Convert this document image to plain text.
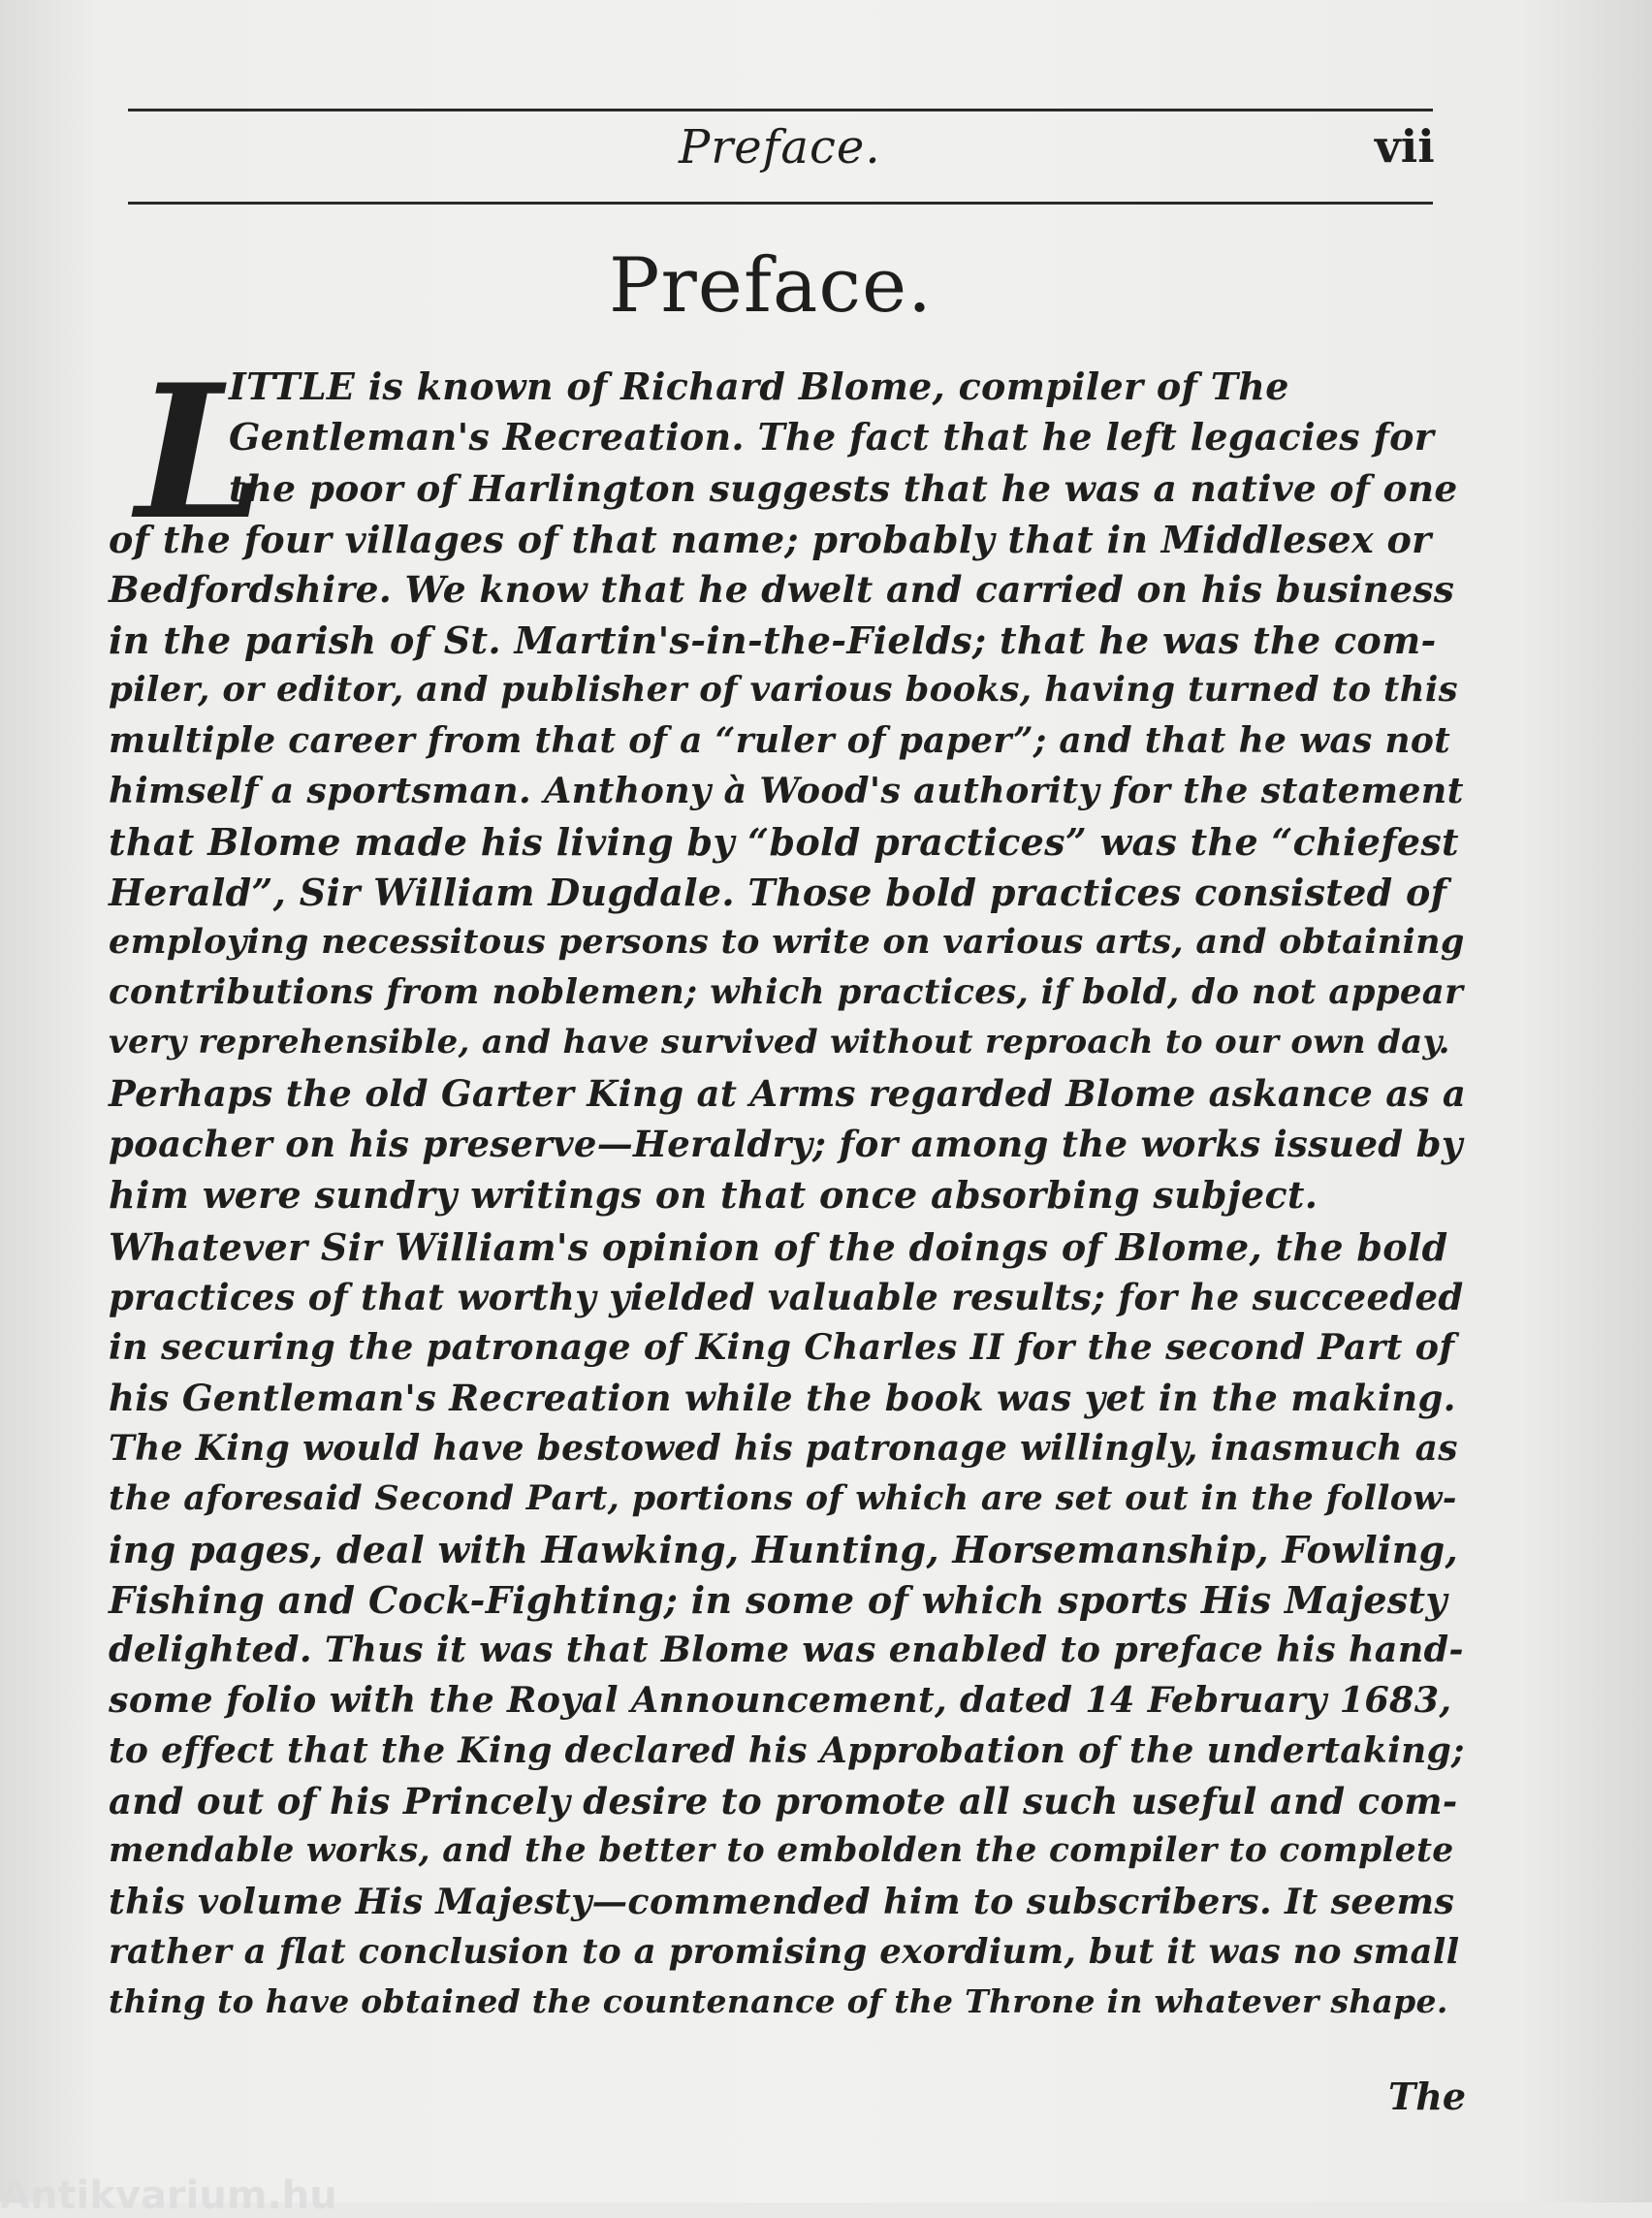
Preface.	vii
Preface.
L
ITTLE is known of Richard Blome, compiler of The
Gentleman's Recreation. The fact that he left legacies for
the poor of Harlington suggests that he was a native of one
of the four villages of that name; probably that in Middlesex or
Bedfordshire. We know that he dwelt and carried on his business
in the parish of St. Martin's-in-the-Fields; that he was the com-
piler, or editor, and publisher of various books, having turned to this
multiple career from that of a “ruler of paper”; and that he was not
himself a sportsman. Anthony à Wood's authority for the statement
that Blome made his living by “bold practices” was the “chiefest
Herald”, Sir William Dugdale. Those bold practices consisted of
employing necessitous persons to write on various arts, and obtaining
contributions from noblemen; which practices, if bold, do not appear
very reprehensible, and have survived without reproach to our own day.
Perhaps the old Garter King at Arms regarded Blome askance as a
poacher on his preserve—Heraldry; for among the works issued by
him were sundry writings on that once absorbing subject.
Whatever Sir William's opinion of the doings of Blome, the bold
practices of that worthy yielded valuable results; for he succeeded
in securing the patronage of King Charles II for the second Part of
his Gentleman's Recreation while the book was yet in the making.
The King would have bestowed his patronage willingly, inasmuch as
the aforesaid Second Part, portions of which are set out in the follow-
ing pages, deal with Hawking, Hunting, Horsemanship, Fowling,
Fishing and Cock-Fighting; in some of which sports His Majesty
delighted. Thus it was that Blome was enabled to preface his hand-
some folio with the Royal Announcement, dated 14 February 1683,
to effect that the King declared his Approbation of the undertaking;
and out of his Princely desire to promote all such useful and com-
mendable works, and the better to embolden the compiler to complete
this volume His Majesty—commended him to subscribers. It seems
rather a flat conclusion to a promising exordium, but it was no small
thing to have obtained the countenance of the Throne in whatever shape.
The
Antikvarium.hu
